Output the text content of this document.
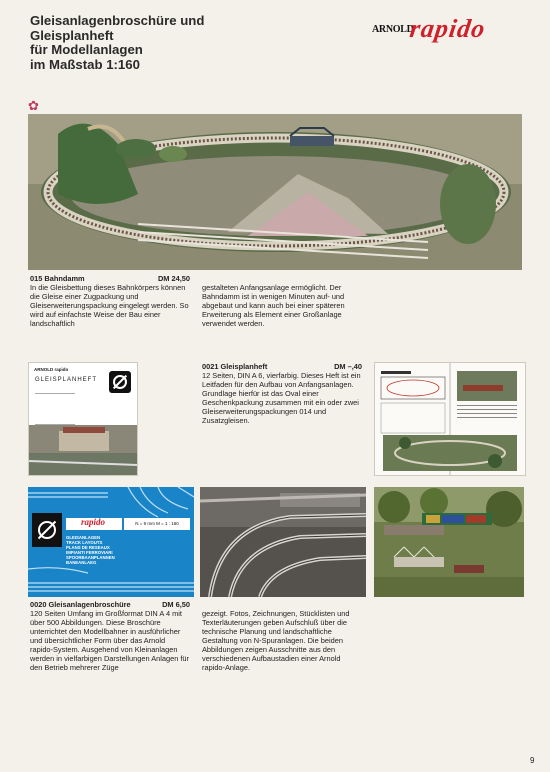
Gleisanlagenbroschüre und
Gleisplanheft
für Modellanlagen
im Maßstab 1:160
ARNOLD
rapido
✿
015 Bahndamm	DM 24,50
In die Gleisbettung dieses Bahnkörpers können die Gleise einer Zugpackung und Gleiserweiterungspackung eingelegt werden. So wird auf einfachste Weise der Bau einer landschaftlich
gestalteten Anfangsanlage ermöglicht. Der Bahndamm ist in wenigen Minuten auf- und abgebaut und kann auch bei einer späteren Erweiterung als Element einer Großanlage verwendet werden.
ARNOLD rapido
GLEISPLANHEFT
0021 Gleisplanheft	DM –,40
12 Seiten, DIN A 6, vierfarbig. Dieses Heft ist ein Leitfaden für den Aufbau von Anfangsanlagen. Grundlage hierfür ist das Oval einer Geschenkpackung zusammen mit ein oder zwei Gleiserweiterungspackungen 014 und Zusatzgleisen.
rapido	N = 9 mm M = 1 : 160
GLEISANLAGEN
TRACK LAYOUTS
PLANS DE RESEAUX
IMPIANTI FERROVIARI
SPOORBAANPLANNEN
BANEANLAEG
0020 Gleisanlagenbroschüre	DM 6,50
120 Seiten Umfang im Großformat DIN A 4 mit über 500 Abbildungen. Diese Broschüre unterrichtet den Modellbahner in ausführlicher und übersichtlicher Form über das Arnold rapido-System. Ausgehend von Kleinanlagen werden in vielfarbigen Darstellungen Anlagen für den Betrieb mehrerer Züge
gezeigt. Fotos, Zeichnungen, Stücklisten und Texterläuterungen geben Aufschluß über die technische Planung und landschaftliche Gestaltung von N-Spuranlagen. Die beiden Abbildungen zeigen Ausschnitte aus den verschiedenen Aufbaustadien einer Arnold rapido-Anlage.
9
